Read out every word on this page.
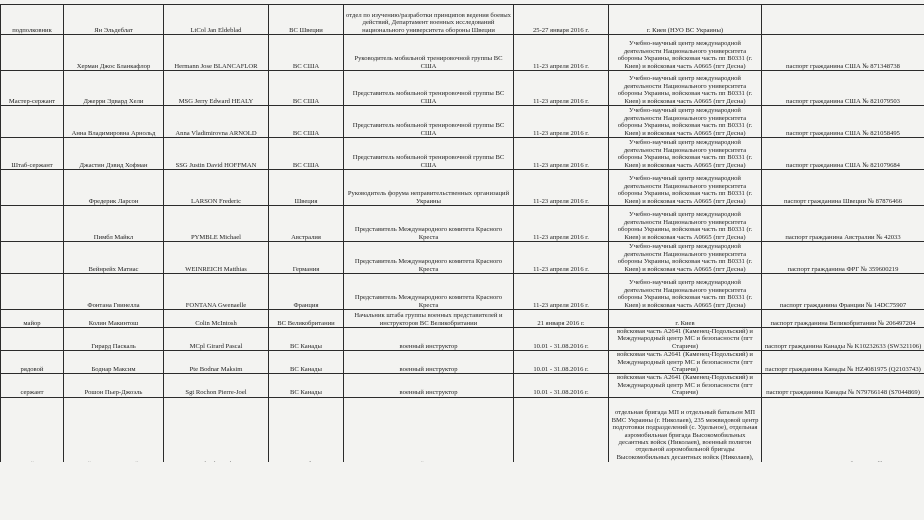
подполковник	Ян Эльдеблат	LtCol Jan Eldeblad	ВС Швеции	отдел по изучению/разработки принципов ведения боевых действий, Департамент военных исследований национального университета обороны Швеции	25-27 января 2016 г.	г. Киев (НУО ВС Украины)	
	Херман Джос Бланкафлор	Hermann Jose BLANCAFLOR	ВС США	Руководитель мобильной тренировочной группы ВС США	11-23 апреля 2016 г.	Учебно-научный центр международной деятельности Национального университета обороны Украины, войсковая часть пп В0331 (г. Киев) и войсковая часть А0665 (пгт Десна)	паспорт гражданина США № 871348738
Мастер-сержант	Джерри Эдвард Хели	MSG Jerry Edward HEALY	ВС США	Представитель мобильной тренировочной группы ВС США	11-23 апреля 2016 г.	Учебно-научный центр международной деятельности Национального университета обороны Украины, войсковая часть пп В0331 (г. Киев) и войсковая часть А0665 (пгт Десна)	паспорт гражданина США № 821079503
	Анна Владимировна Арнольд	Anna Vladimirovna ARNOLD	ВС США	Представитель мобильной тренировочной группы ВС США	11-23 апреля 2016 г.	Учебно-научный центр международной деятельности Национального университета обороны Украины, войсковая часть пп В0331 (г. Киев) и войсковая часть А0665 (пгт Десна)	паспорт гражданина США № 821058495
Штаб-сержант	Джастин Дэвид Хофман	SSG Justin David HOFFMAN	ВС США	Представитель мобильной тренировочной группы ВС США	11-23 апреля 2016 г.	Учебно-научный центр международной деятельности Национального университета обороны Украины, войсковая часть пп В0331 (г. Киев) и войсковая часть А0665 (пгт Десна)	паспорт гражданина США № 821079684
	Фредерик Ларсон	LARSON Frederic	Швеция	Руководитель форума неправительственных организаций Украины	11-23 апреля 2016 г.	Учебно-научный центр международной деятельности Национального университета обороны Украины, войсковая часть пп В0331 (г. Киев) и войсковая часть А0665 (пгт Десна)	паспорт гражданина Швеции № 87876466
	Пимбл Майкл	PYMBLE Michael	Австралия	Представитель Международного комитета Красного Креста	11-23 апреля 2016 г.	Учебно-научный центр международной деятельности Национального университета обороны Украины, войсковая часть пп В0331 (г. Киев) и войсковая часть А0665 (пгт Десна)	паспорт гражданина Австралии № 42033
	Вейнрейх Матиас	WEINREICH Matthias	Германия	Представитель Международного комитета Красного Креста	11-23 апреля 2016 г.	Учебно-научный центр международной деятельности Национального университета обороны Украины, войсковая часть пп В0331 (г. Киев) и войсковая часть А0665 (пгт Десна)	паспорт гражданина ФРГ № 359600219
	Фонтана Гвинелла	FONTANA Gwenaelle	Франция	Представитель Международного комитета Красного Креста	11-23 апреля 2016 г.	Учебно-научный центр международной деятельности Национального университета обороны Украины, войсковая часть пп В0331 (г. Киев) и войсковая часть А0665 (пгт Десна)	паспорт гражданина Франции № 14DC75907
майор	Колин Макинтош	Colin McIntosh	ВС Великобритании	Начальник штаба группы военных представителей и инструкторов ВС Великобритании	21 января 2016 г.	г. Киев	паспорт гражданина Великобритании № 206497204
	Гирард Паскаль	MCpl Girard Pascal	ВС Канады	военный инструктор	10.01 - 31.08.2016 г.	войсковая часть А2641 (Каменец-Подольский) и Международный центр МС и безопасности (пгт Старичи)	паспорт гражданина Канады № K10232633 (SW321106)
рядовой	Боднар Максим	Pte Bodnar Maksim	ВС Канады	военный инструктор	10.01 - 31.08.2016 г.	войсковая часть А2641 (Каменец-Подольский) и Международный центр МС и безопасности (пгт Старичи)	паспорт гражданина Канады № HZ4081975 (Q2103743)
сержант	Рошон Пьер-Джоэль	Sgt Rochon Pierre-Joel	ВС Канады	военный инструктор	10.01 - 31.08.2016 г.	войсковая часть А2641 (Каменец-Подольский) и Международный центр МС и безопасности (пгт Старичи)	паспорт гражданина Канады № N79766148 (S7044869)
						отдельная бригада МП и отдельный батальон МП ВМС Украины (г. Николаев), 235 межвидовой центр подготовки подразделений (с. Удельное), отдельная аэромобильная бригада Высокомобильных десантных войск (Николаев), военный полигон отдельной аэромобильной бригады Высокомобильных десантных войск (Николаев),	
